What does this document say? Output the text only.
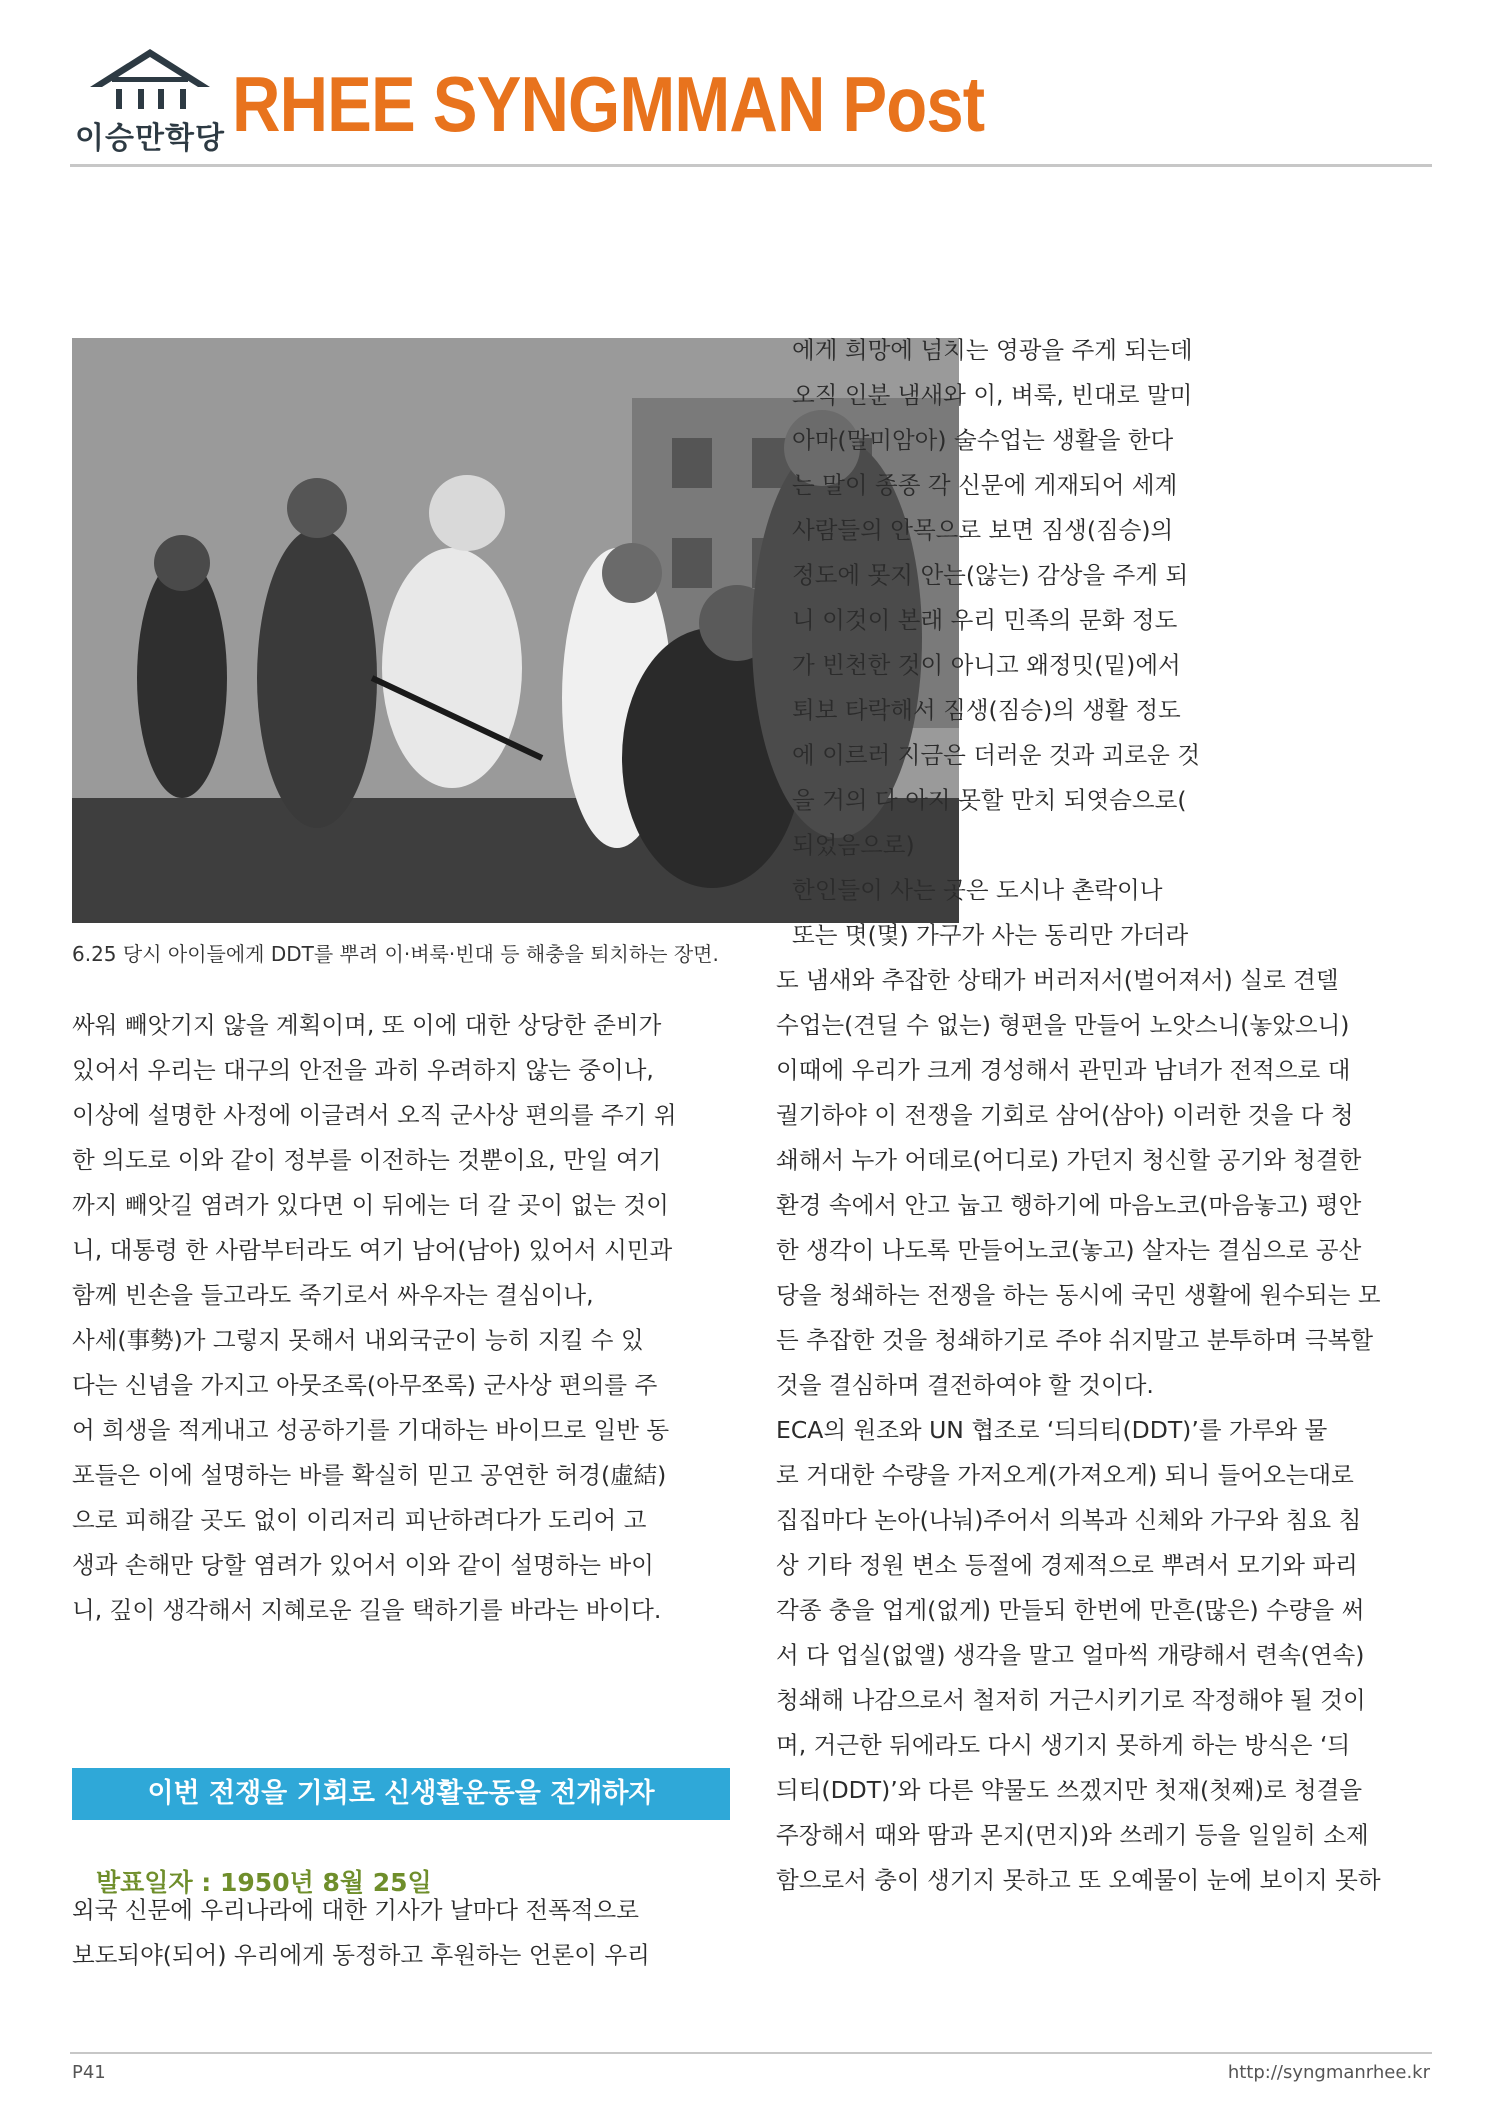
이승만학당 RHEE SYNGMMAN Post
6.25 당시 아이들에게 DDT를 뿌려 이·벼룩·빈대 등 해충을 퇴치하는 장면.

싸워 빼앗기지 않을 계획이며, 또 이에 대한 상당한 준비가

있어서 우리는 대구의 안전을 과히 우려하지 않는 중이나,

이상에 설명한 사정에 이글려서 오직 군사상 편의를 주기 위

한 의도로 이와 같이 정부를 이전하는 것뿐이요, 만일 여기

까지 빼앗길 염려가 있다면 이 뒤에는 더 갈 곳이 없는 것이

니, 대통령 한 사람부터라도 여기 남어(남아) 있어서 시민과

함께 빈손을 들고라도 죽기로서 싸우자는 결심이나,

사세(事勢)가 그렇지 못해서 내외국군이 능히 지킬 수 있

다는 신념을 가지고 아뭇조록(아무쪼록) 군사상 편의를 주

어 희생을 적게내고 성공하기를 기대하는 바이므로 일반 동

포들은 이에 설명하는 바를 확실히 믿고 공연한 허경(虛結)

으로 피해갈 곳도 없이 이리저리 피난하려다가 도리어 고

생과 손해만 당할 염려가 있어서 이와 같이 설명하는 바이

니, 깊이 생각해서 지혜로운 길을 택하기를 바라는 바이다.

이번 전쟁을 기회로 신생활운동을 전개하자
발표일자 : 1950년 8월 25일

외국 신문에 우리나라에 대한 기사가 날마다 전폭적으로

보도되야(되어) 우리에게 동정하고 후원하는 언론이 우리

에게 희망에 넘치는 영광을 주게 되는데

오직 인분 냄새와 이, 벼룩, 빈대로 말미

아마(말미암아) 술수업는 생활을 한다

는 말이 종종 각 신문에 게재되어 세계

사람들의 안목으로 보면 짐생(짐승)의

정도에 못지 안는(않는) 감상을 주게 되

니 이것이 본래 우리 민족의 문화 정도

가 빈천한 것이 아니고 왜정밋(밑)에서

퇴보 타락해서 짐생(짐승)의 생활 정도

에 이르러 지금은 더러운 것과 괴로운 것

을 거의 다 아지 못할 만치 되엿슴으로(

되었음으로)

한인들이 사는 곳은 도시나 촌락이나

또는 몃(몇) 가구가 사는 동리만 가더라

도 냄새와 추잡한 상태가 버러저서(벌어져서) 실로 견델

수업는(견딜 수 없는) 형편을 만들어 노앗스니(놓았으니)

이때에 우리가 크게 경성해서 관민과 남녀가 전적으로 대

궐기하야 이 전쟁을 기회로 삼어(삼아) 이러한 것을 다 청

쇄해서 누가 어데로(어디로) 가던지 청신할 공기와 청결한

환경 속에서 안고 눕고 행하기에 마음노코(마음놓고) 평안

한 생각이 나도록 만들어노코(놓고) 살자는 결심으로 공산

당을 청쇄하는 전쟁을 하는 동시에 국민 생활에 원수되는 모

든 추잡한 것을 청쇄하기로 주야 쉬지말고 분투하며 극복할

것을 결심하며 결전하여야 할 것이다.

ECA의 원조와 UN 협조로 ‘듸듸티(DDT)’를 가루와 물

로 거대한 수량을 가저오게(가져오게) 되니 들어오는대로

집집마다 논아(나눠)주어서 의복과 신체와 가구와 침요 침

상 기타 정원 변소 등절에 경제적으로 뿌려서 모기와 파리

각종 충을 업게(없게) 만들되 한번에 만흔(많은) 수량을 써

서 다 업실(없앨) 생각을 말고 얼마씩 개량해서 련속(연속)

청쇄해 나감으로서 철저히 거근시키기로 작정해야 될 것이

며, 거근한 뒤에라도 다시 생기지 못하게 하는 방식은 ‘듸

듸티(DDT)’와 다른 약물도 쓰겠지만 첫재(첫째)로 청결을

주장해서 때와 땀과 몬지(먼지)와 쓰레기 등을 일일히 소제

함으로서 충이 생기지 못하고 또 오예물이 눈에 보이지 못하

P41	http://syngmanrhee.kr
